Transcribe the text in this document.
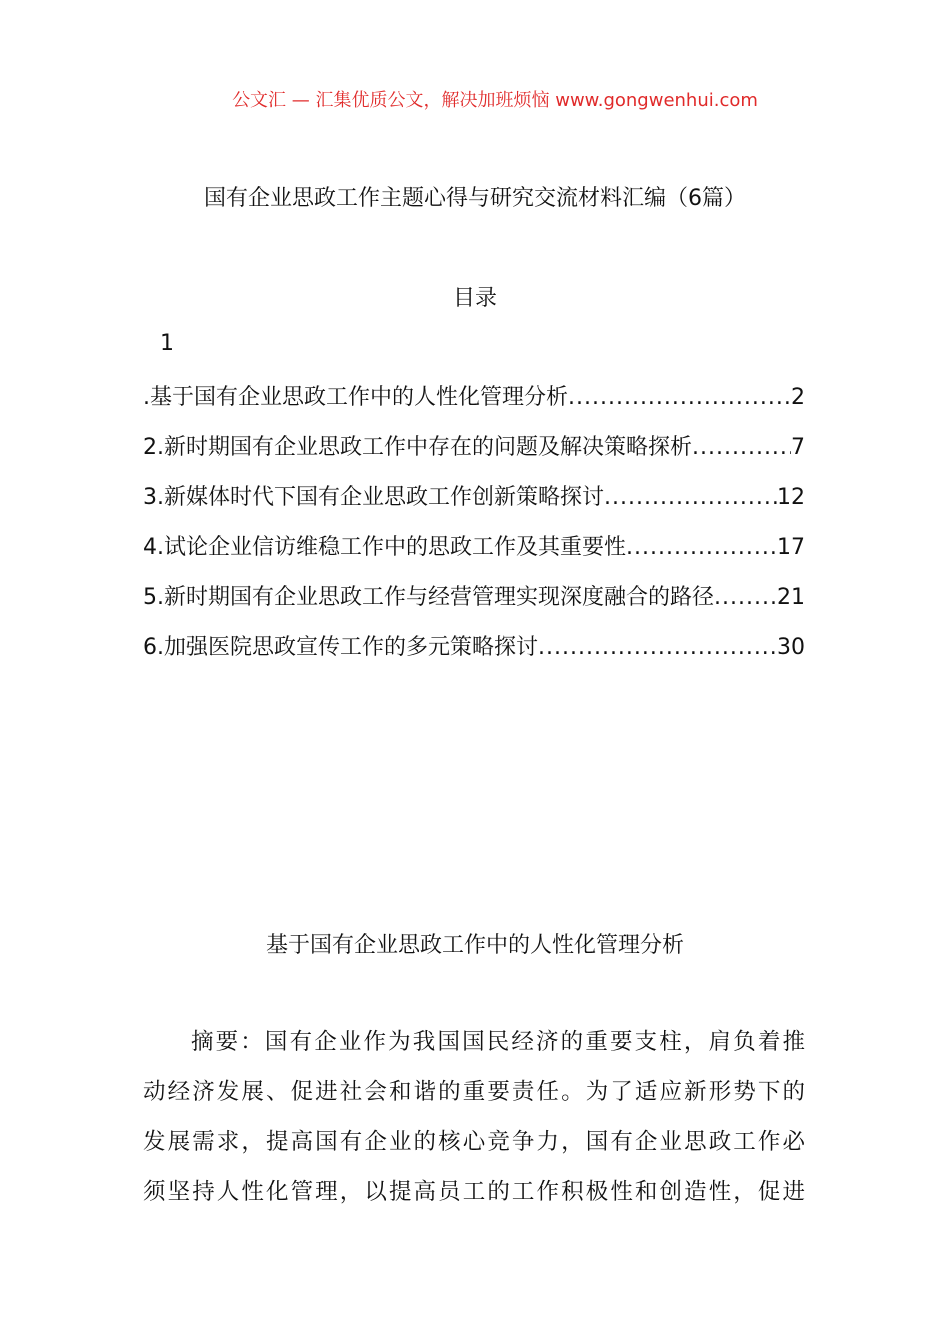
公文汇 — 汇集优质公文，解决加班烦恼 www.gongwenhui.com
国有企业思政工作主题心得与研究交流材料汇编（6篇）
目录
1
.基于国有企业思政工作中的人性化管理分析 .....	2
2.新时期国有企业思政工作中存在的问题及解决策略探析 .....	7
3.新媒体时代下国有企业思政工作创新策略探讨 .....	12
4.试论企业信访维稳工作中的思政工作及其重要性 .....	17
5.新时期国有企业思政工作与经营管理实现深度融合的路径 .....	.21
6.加强医院思政宣传工作的多元策略探讨 .....	30
基于国有企业思政工作中的人性化管理分析
摘要：国有企业作为我国国民经济的重要支柱，肩负着推
动经济发展、促进社会和谐的重要责任。为了适应新形势下的
发展需求，提高国有企业的核心竞争力，国有企业思政工作必
须坚持人性化管理，以提高员工的工作积极性和创造性，促进
